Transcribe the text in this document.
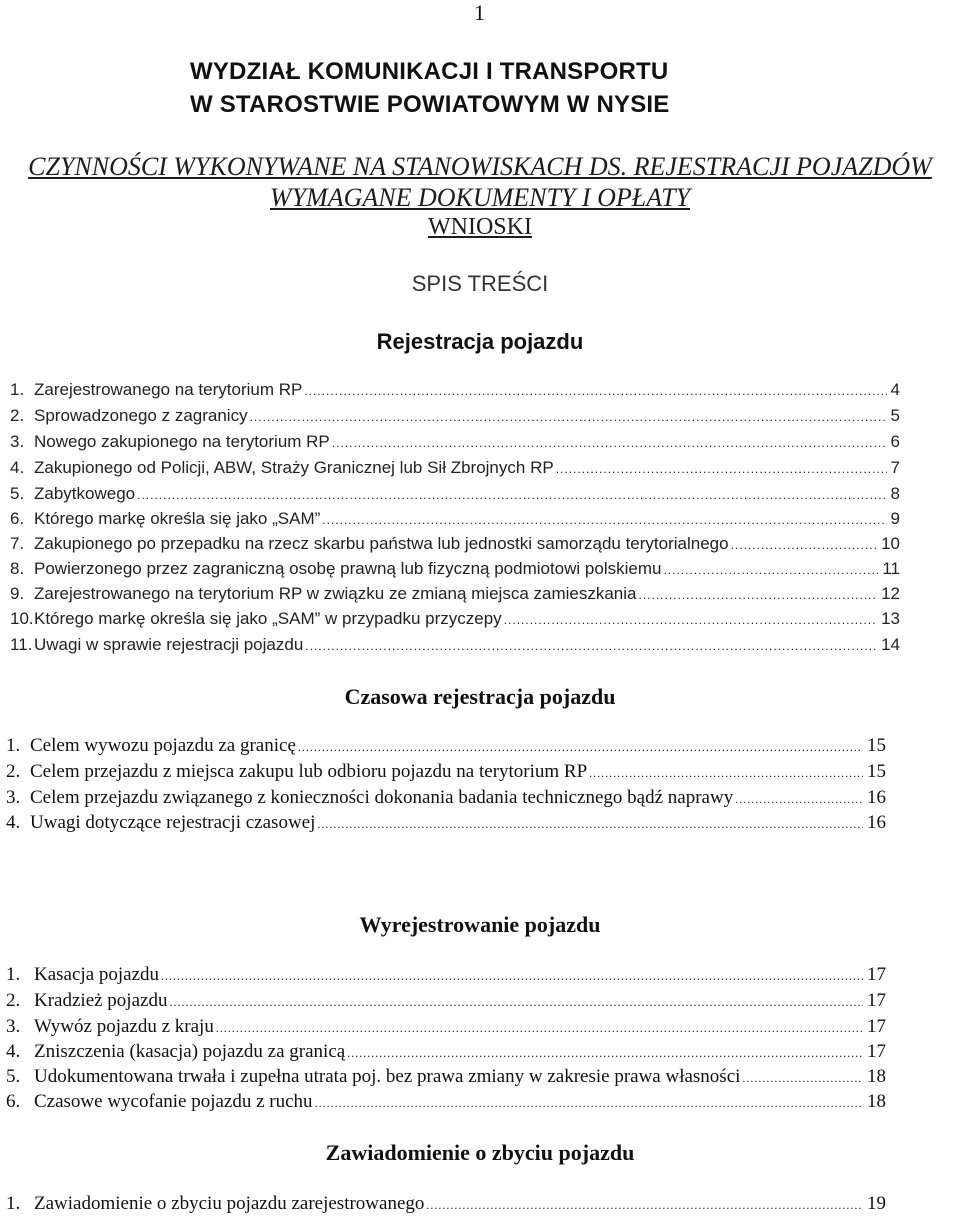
1
WYDZIAŁ KOMUNIKACJI I TRANSPORTU
W STAROSTWIE POWIATOWYM W NYSIE
CZYNNOŚCI WYKONYWANE NA STANOWISKACH DS. REJESTRACJI POJAZDÓW
WYMAGANE DOKUMENTY I OPŁATY
WNIOSKI
SPIS TREŚCI
Rejestracja pojazdu
1. Zarejestrowanego na terytorium RP .....	4
2. Sprowadzonego z zagranicy .....	5
3. Nowego zakupionego na terytorium RP .....	6
4. Zakupionego od Policji, ABW, Straży Granicznej lub Sił Zbrojnych RP .....	7
5. Zabytkowego .....	8
6. Którego markę określa się jako „SAM” .....	9
7. Zakupionego po przepadku na rzecz skarbu państwa lub jednostki samorządu terytorialnego .....	10
8. Powierzonego przez zagraniczną osobę prawną lub fizyczną podmiotowi polskiemu .....	11
9. Zarejestrowanego na terytorium RP w związku ze zmianą miejsca zamieszkania .....	12
10. Którego markę określa się jako „SAM” w przypadku przyczepy .....	13
11. Uwagi w sprawie rejestracji pojazdu .....	14
Czasowa rejestracja pojazdu
1. Celem wywozu pojazdu za granicę .....	15
2. Celem przejazdu z miejsca zakupu lub odbioru pojazdu na terytorium RP .....	15
3. Celem przejazdu związanego z konieczności dokonania badania technicznego bądź naprawy .....	16
4. Uwagi dotyczące rejestracji czasowej .....	16
Wyrejestrowanie pojazdu
1. Kasacja pojazdu .....	17
2. Kradzież pojazdu .....	17
3. Wywóz pojazdu z kraju .....	17
4. Zniszczenia (kasacja) pojazdu za granicą .....	17
5. Udokumentowana trwała i zupełna utrata poj. bez prawa zmiany w zakresie prawa własności .....	18
6. Czasowe wycofanie pojazdu z ruchu .....	18
Zawiadomienie o zbyciu pojazdu
1. Zawiadomienie o zbyciu pojazdu zarejestrowanego .....	19
